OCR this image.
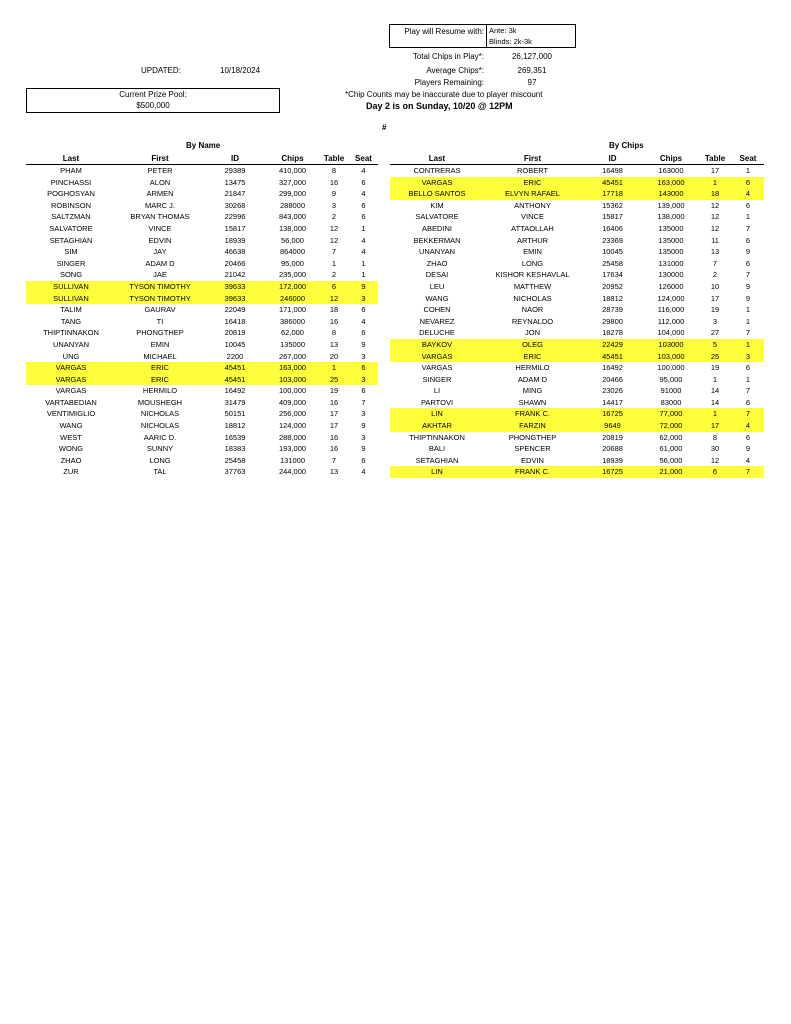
Play will Resume with: Ante: 3k
Blinds: 2k-3k
Total Chips in Play*:	26,127,000
Average Chips*:	269,351
Players Remaining:	97
*Chip Counts may be inaccurate due to player miscount
Day 2 is on Sunday, 10/20 @ 12PM
#
UPDATED:	10/18/2024
Current Prize Pool:
$500,000
By Name	By Chips
Last	First	ID	Chips	Table	Seat
PHAM	PETER	29389	410,000	8	4
PINCHASSI	ALON	13475	327,000	16	6
POGHOSYAN	ARMEN	21847	299,000	9	4
ROBINSON	MARC J.	30268	288000	3	6
SALTZMAN	BRYAN THOMAS	22996	843,000	2	6
SALVATORE	VINCE	15817	138,000	12	1
SETAGHIAN	EDVIN	18939	56,000	12	4
SIM	JAY	46638	864000	7	4
SINGER	ADAM D	20466	95,000	1	1
SONG	JAE	21042	235,000	2	1
SULLIVAN	TYSON TIMOTHY	39633	172,000	6	9
SULLIVAN	TYSON TIMOTHY	39633	246000	12	3
TALIM	GAURAV	22049	171,000	18	6
TANG	TI	16418	386000	16	4
THIPTINNAKON	PHONGTHEP	20819	62,000	8	6
UNANYAN	EMIN	10045	135000	13	9
UNG	MICHAEL	2200	267,000	20	3
VARGAS	ERIC	45451	163,000	1	6
VARGAS	ERIC	45451	103,000	25	3
VARGAS	HERMILO	16492	100,000	19	6
VARTABEDIAN	MOUSHEGH	31479	409,000	16	7
VENTIMIGLIO	NICHOLAS	50151	256,000	17	3
WANG	NICHOLAS	18812	124,000	17	9
WEST	AARIC D.	16539	288,000	16	3
WONG	SUNNY	18383	193,000	16	9
ZHAO	LONG	25458	131000	7	6
ZUR	TAL	37763	244,000	13	4
Last	First	ID	Chips	Table	Seat
CONTRERAS	ROBERT	16498	163000	17	1
VARGAS	ERIC	45451	163,000	1	6
BELLO SANTOS	ELVYN RAFAEL	17718	143000	18	4
KIM	ANTHONY	15362	139,000	12	6
SALVATORE	VINCE	15817	138,000	12	1
ABEDINI	ATTAOLLAH	16406	135000	12	7
BEKKERMAN	ARTHUR	23369	135000	11	6
UNANYAN	EMIN	10045	135000	13	9
ZHAO	LONG	25458	131000	7	6
DESAI	KISHOR KESHAVLAL	17634	130000	2	7
LEU	MATTHEW	20952	126000	10	9
WANG	NICHOLAS	18812	124,000	17	9
COHEN	NAOR	28739	116,000	19	1
NEVAREZ	REYNALDO	29800	112,000	3	1
DELUCHE	JON	18278	104,000	27	7
BAYKOV	OLEG	22429	103000	5	1
VARGAS	ERIC	45451	103,000	25	3
VARGAS	HERMILO	16492	100,000	19	6
SINGER	ADAM D	20466	95,000	1	1
LI	MING	23026	91000	14	7
PARTOVI	SHAWN	14417	83000	14	6
LIN	FRANK C.	16725	77,000	1	7
AKHTAR	FARZIN	9649	72,000	17	4
THIPTINNAKON	PHONGTHEP	20819	62,000	8	6
BALI	SPENCER	20688	61,000	30	9
SETAGHIAN	EDVIN	18939	56,000	12	4
LIN	FRANK C.	16725	21,000	6	7
